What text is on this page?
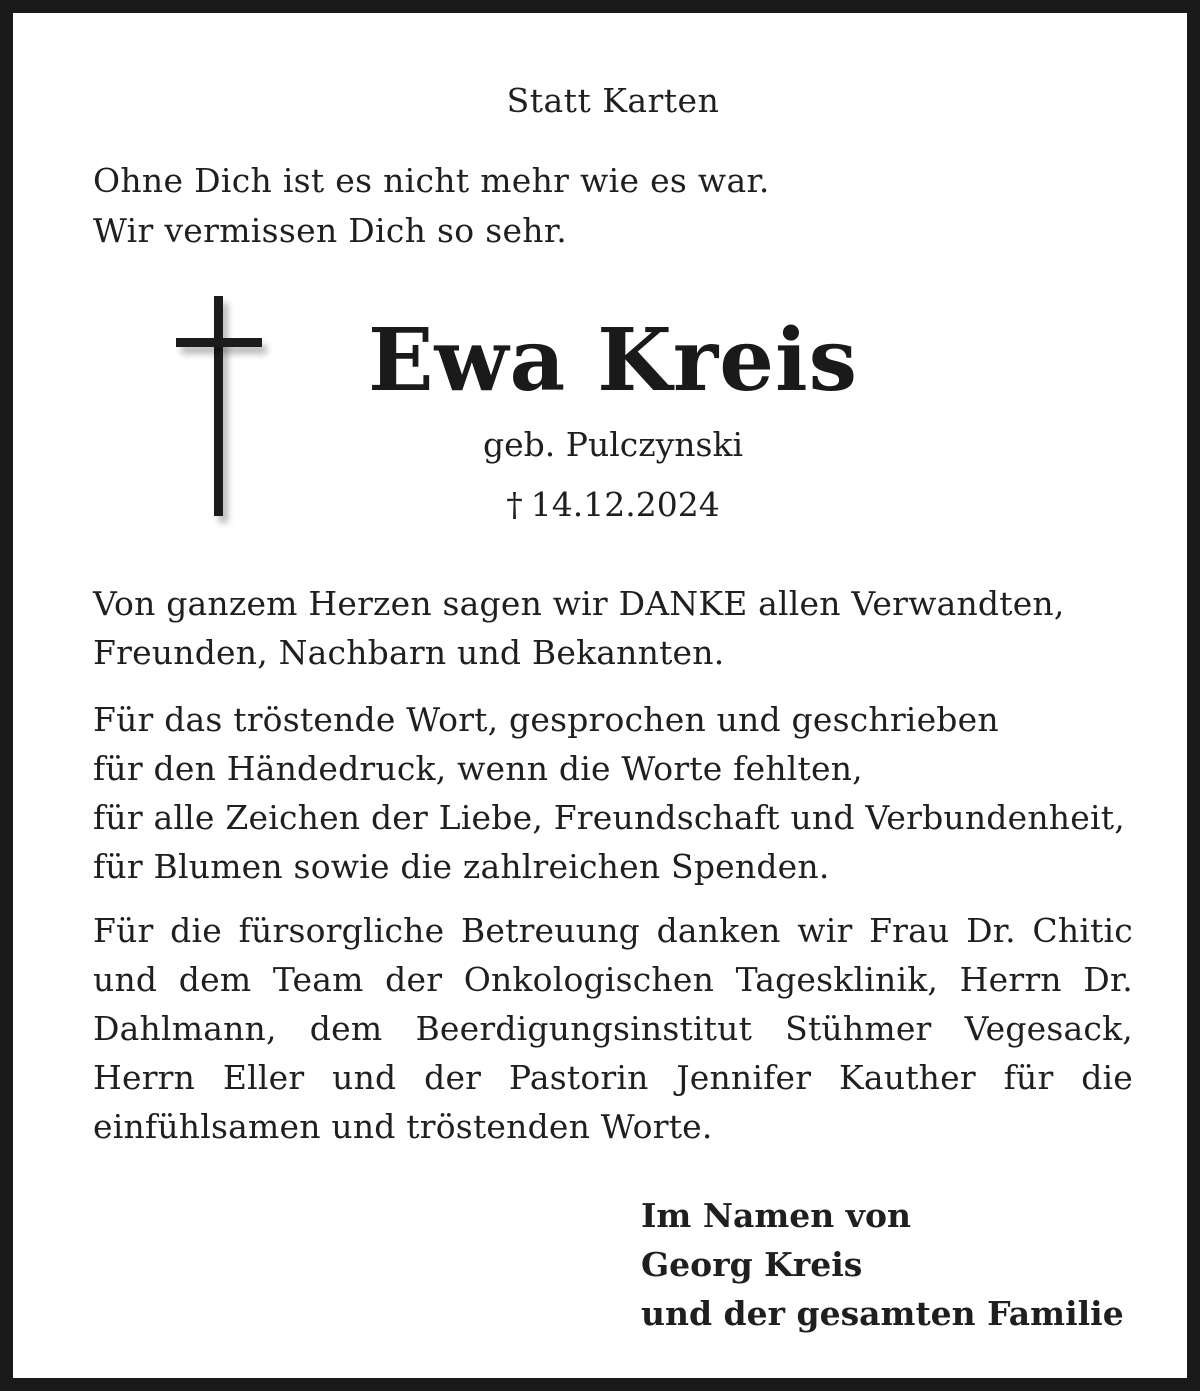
Statt Karten
Ohne Dich ist es nicht mehr wie es war.
Wir vermissen Dich so sehr.
Ewa Kreis
geb. Pulczynski
† 14.12.2024
Von ganzem Herzen sagen wir DANKE allen Verwandten,
Freunden, Nachbarn und Bekannten.
Für das tröstende Wort, gesprochen und geschrieben
für den Händedruck, wenn die Worte fehlten,
für alle Zeichen der Liebe, Freundschaft und Verbundenheit,
für Blumen sowie die zahlreichen Spenden.
Für die fürsorgliche Betreuung danken wir Frau Dr. Chitic und dem Team der Onkologischen Tagesklinik, Herrn Dr. Dahlmann, dem Beerdigungsinstitut Stühmer Vegesack, Herrn Eller und der Pastorin Jennifer Kauther für die einfühlsamen und tröstenden Worte.
Im Namen von
Georg Kreis
und der gesamten Familie
